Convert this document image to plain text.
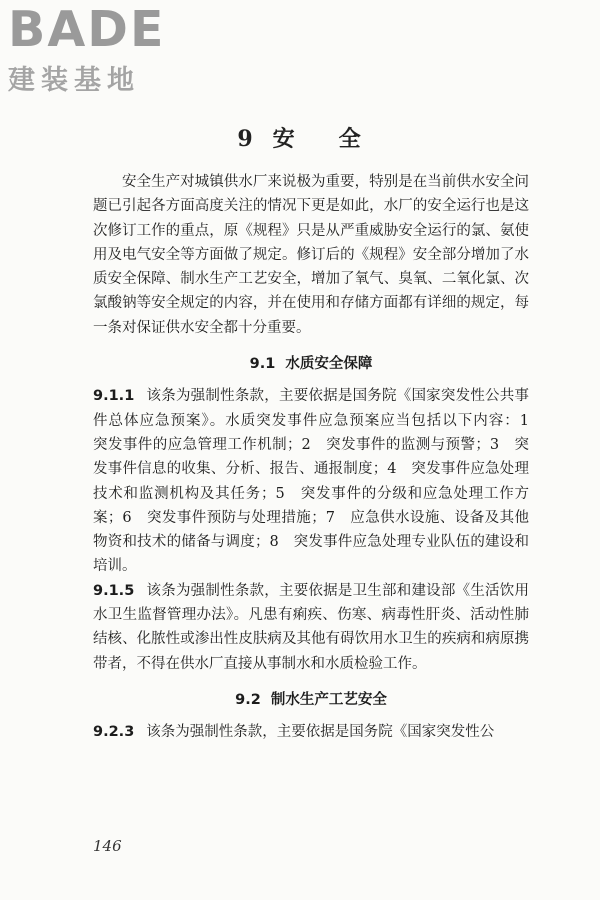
BADE
建装基地
9 安 全

安全生产对城镇供水厂来说极为重要，特别是在当前供水安全问题已引起各方面高度关注的情况下更是如此，水厂的安全运行也是这次修订工作的重点，原《规程》只是从严重威胁安全运行的氯、氨使用及电气安全等方面做了规定。修订后的《规程》安全部分增加了水质安全保障、制水生产工艺安全，增加了氧气、臭氧、二氧化氯、次氯酸钠等安全规定的内容，并在使用和存储方面都有详细的规定，每一条对保证供水安全都十分重要。

9.1 水质安全保障

9.1.1 该条为强制性条款，主要依据是国务院《国家突发性公共事件总体应急预案》。水质突发事件应急预案应当包括以下内容：1　突发事件的应急管理工作机制；2　突发事件的监测与预警；3　突发事件信息的收集、分析、报告、通报制度；4　突发事件应急处理技术和监测机构及其任务；5　突发事件的分级和应急处理工作方案；6　突发事件预防与处理措施；7　应急供水设施、设备及其他物资和技术的储备与调度；8　突发事件应急处理专业队伍的建设和培训。

9.1.5 该条为强制性条款，主要依据是卫生部和建设部《生活饮用水卫生监督管理办法》。凡患有痢疾、伤寒、病毒性肝炎、活动性肺结核、化脓性或渗出性皮肤病及其他有碍饮用水卫生的疾病和病原携带者，不得在供水厂直接从事制水和水质检验工作。

9.2 制水生产工艺安全

9.2.3 该条为强制性条款，主要依据是国务院《国家突发性公

146
